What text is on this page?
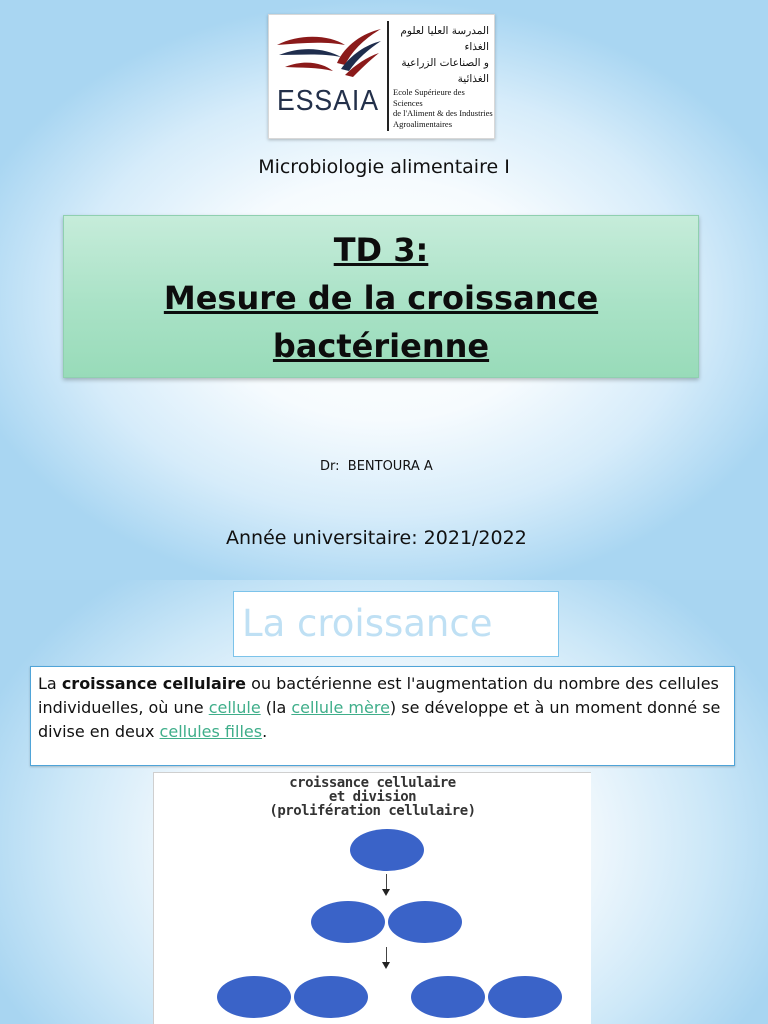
ESSAIA
المدرسة العليا لعلوم الغذاء
و الصناعات الزراعية الغذائية
Ecole Supérieure des Sciences
de l'Aliment & des Industries
Agroalimentaires
Microbiologie alimentaire I
TD 3:
Mesure de la croissance
bactérienne
Dr:  BENTOURA A
Année universitaire: 2021/2022
La croissance

La croissance cellulaire ou bactérienne est l'augmentation du nombre des cellules individuelles, où une cellule (la cellule mère) se développe et à un moment donné se divise en deux cellules filles.

croissance cellulaire
et division
(prolifération cellulaire)
